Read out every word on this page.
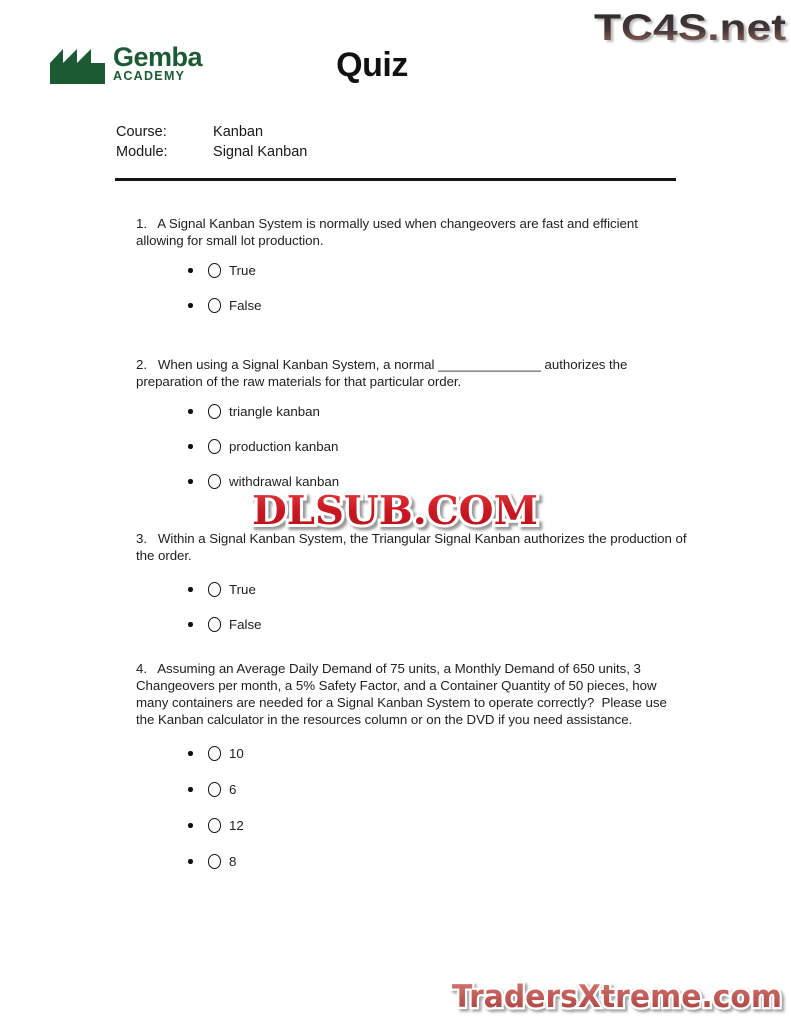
TC4S.net
Gemba
ACADEMY	Quiz
Course:	Kanban
Module:	Signal Kanban

1.   A Signal Kanban System is normally used when changeovers are fast and efficient allowing for small lot production.

True
False

2.   When using a Signal Kanban System, a normal ______________ authorizes the preparation of the raw materials for that particular order.

triangle kanban
production kanban
withdrawal kanban
DLSUB.COM

3.   Within a Signal Kanban System, the Triangular Signal Kanban authorizes the production of the order.

True
False

4.   Assuming an Average Daily Demand of 75 units, a Monthly Demand of 650 units, 3 Changeovers per month, a 5% Safety Factor, and a Container Quantity of 50 pieces, how many containers are needed for a Signal Kanban System to operate correctly?  Please use the Kanban calculator in the resources column or on the DVD if you need assistance.

10
6
12
8
TradersXtreme.com
